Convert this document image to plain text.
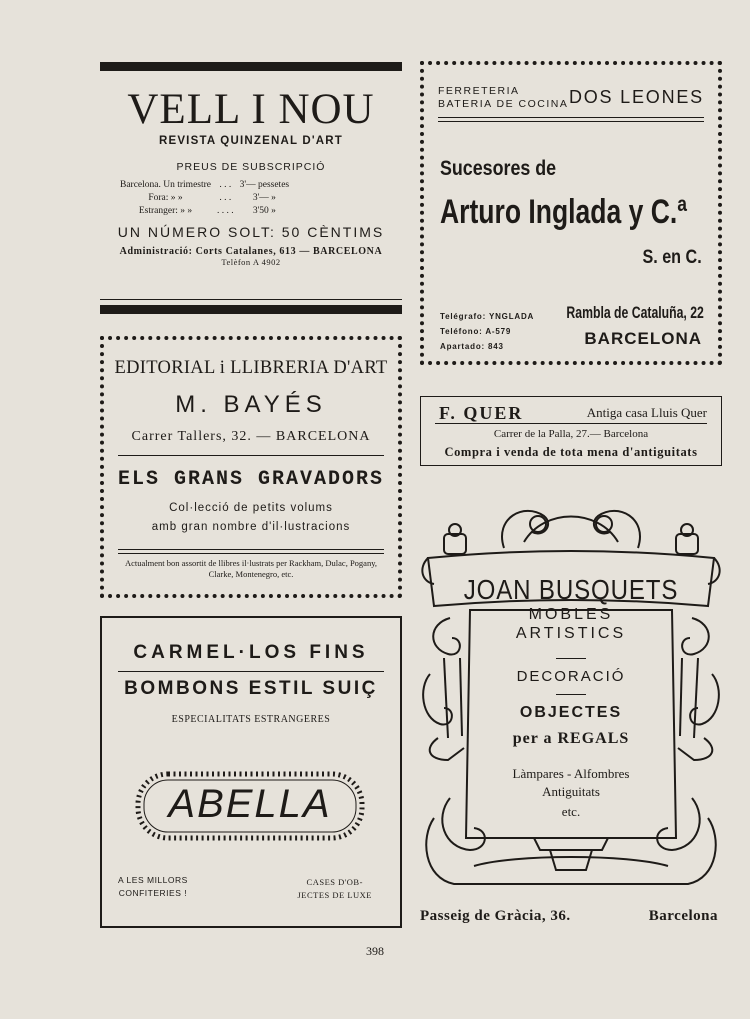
VELL I NOU
REVISTA QUINZENAL D'ART
PREUS DE SUBSCRIPCIÓ
Barcelona. Un trimestre	. . .	3'— pessetes
Fora: » »	. . .	3'— »
Estranger: » »	. . . .	3'50 »
UN NÚMERO SOLT: 50 CÈNTIMS
Administració: Corts Catalanes, 613 — BARCELONA
Telèfon A 4902
FERRETERIA
BATERIA DE COCINA DOS LEONES
Sucesores de
Arturo Inglada y C.ª
S. en C.
Telégrafo: YNGLADA
Teléfono: A-579
Apartado: 843
Rambla de Cataluña, 22
BARCELONA
EDITORIAL i LLIBRERIA D'ART
M. BAYÉS
Carrer Tallers, 32. — BARCELONA
ELS GRANS GRAVADORS
Col·lecció de petits volums
amb gran nombre d'il·lustracions
Actualment bon assortit de llibres il·lustrats per Rackham, Dulac, Pogany, Clarke, Montenegro, etc.
F. QUER	Antiga casa Lluis Quer
Carrer de la Palla, 27.— Barcelona
Compra i venda de tota mena d'antiguitats
CARMEL·LOS FINS
BOMBONS ESTIL SUIÇ
ESPECIALITATS ESTRANGERES
ABELLA
A LES MILLORS
CONFITERIES !
CASES D'OB-
JECTES DE LUXE
JOAN BUSQUETS
MOBLES
ARTISTICS
DECORACIÓ
OBJECTES
per a REGALS
Làmpares - Alfombres
Antiguitats
etc.
Passeig de Gràcia, 36.	Barcelona
398
